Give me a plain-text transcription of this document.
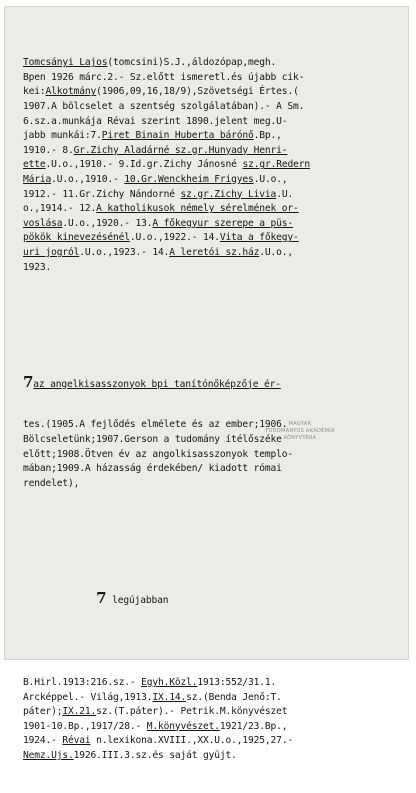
Tomcsányi Lajos(tomcsini)S.J.,áldozópap,megh.
Bpen 1926 márc.2.- Sz.előtt ismeretl.és újabb cik-
kei:Alkotmány(1906,09,16,18/9),Szövetségi Értes.(
1907.A bölcselet a szentség szolgálatában).- A Sm.
6.sz.a.munkája Révai szerint 1890.jelent meg.U-
jabb munkái:7.Piret Binain Huberta bárónő.Bp.,
1910.- 8.Gr.Zichy Aladárné sz.gr.Hunyady Henri-
ette.U.o.,1910.- 9.Id.gr.Zichy Jánosné sz.gr.Redern
Mária.U.o.,1910.- 10.Gr.Wenckheim Frigyes.U.o.,
1912.- 11.Gr.Zichy Nándorné sz.gr.Zichy Livia.U.
o.,1914.- 12.A katholikusok némely sérelmének or-
voslása.U.o.,1920.- 13.A főkegyur szerepe a püs-
pökök kinevezésénél.U.o.,1922.- 14.Vita a főkegy-
uri jogról.U.o.,1923.- 14.A leretói sz.ház.U.o.,
1923.

7az angelkisasszonyok bpi tanítónőképzője ér-

tes.(1905.A fejlődés elmélete és az ember;1906.
Bölcseletünk;1907.Gerson a tudomány ítélőszéke
előtt;1908.Ötven év az angolkisasszonyok templo-
mában;1909.A házasság érdekében/ kiadott római
rendelet),

7 legújabban

B.Hirl.1913:216.sz.- Egyh.Közl.1913:552/31.1.
Arcképpel.- Világ,1913.IX.14.sz.(Benda Jenő:T.
páter);IX.21.sz.(T.páter).- Petrik.M.könyvészet
1901-10.Bp.,1917/28.- M.könyvészet.1921/23.Bp.,
1924.- Révai n.lexikona.XVIII.,XX.U.o.,1925,27.-
Nemz.Ujs.1926.III.3.sz.és saját gyüjt.

MAGYAR
TUDOMÁNYOS AKADÉMIA
KÖNYVTÁRA
